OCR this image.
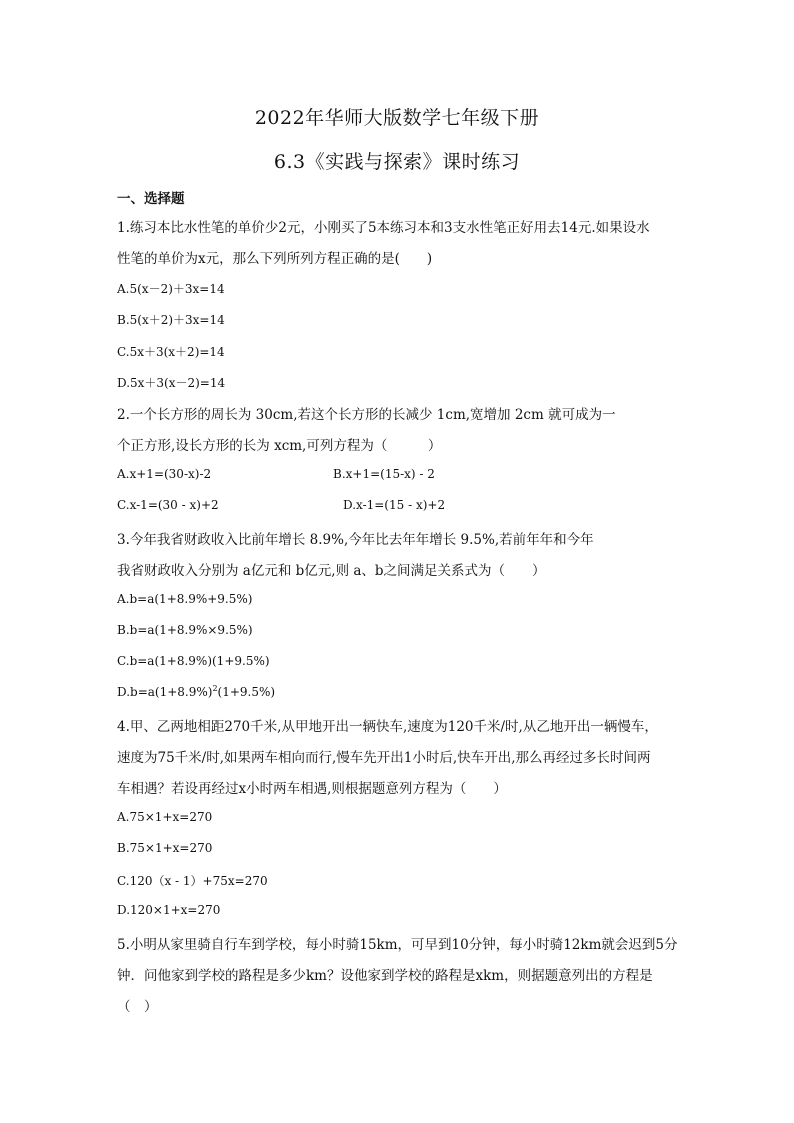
2022年华师大版数学七年级下册
6.3《实践与探索》课时练习
一、选择题
1.练习本比水性笔的单价少2元，小刚买了5本练习本和3支水性笔正好用去14元.如果设水
性笔的单价为x元，那么下列所列方程正确的是(　　)
A.5(x－2)＋3x=14
B.5(x＋2)＋3x=14
C.5x＋3(x＋2)=14
D.5x＋3(x－2)=14
2.一个长方形的周长为 30cm,若这个长方形的长减少 1cm,宽增加 2cm 就可成为一
个正方形,设长方形的长为 xcm,可列方程为（　　　）
A.x+1=(30-x)-2	B.x+1=(15-x) - 2
C.x-1=(30 - x)+2	D.x-1=(15 - x)+2
3.今年我省财政收入比前年增长 8.9%,今年比去年年增长 9.5%,若前年年和今年
我省财政收入分别为 a亿元和 b亿元,则 a、b之间满足关系式为（　　）
A.b=a(1+8.9%+9.5%)
B.b=a(1+8.9%×9.5%)
C.b=a(1+8.9%)(1+9.5%)
$D.b=a(1+8.9\%)^2(1+9.5\%)$
4.甲、乙两地相距270千米,从甲地开出一辆快车,速度为120千米/时,从乙地开出一辆慢车，
速度为75千米/时,如果两车相向而行,慢车先开出1小时后,快车开出,那么再经过多长时间两
车相遇？若设再经过x小时两车相遇,则根据题意列方程为（　　）
A.75×1+x=270
B.75×1+x=270
C.120（x - 1）+75x=270
D.120×1+x=270
5.小明从家里骑自行车到学校，每小时骑15km，可早到10分钟，每小时骑12km就会迟到5分
钟．问他家到学校的路程是多少km？设他家到学校的路程是xkm，则据题意列出的方程是
（　）
